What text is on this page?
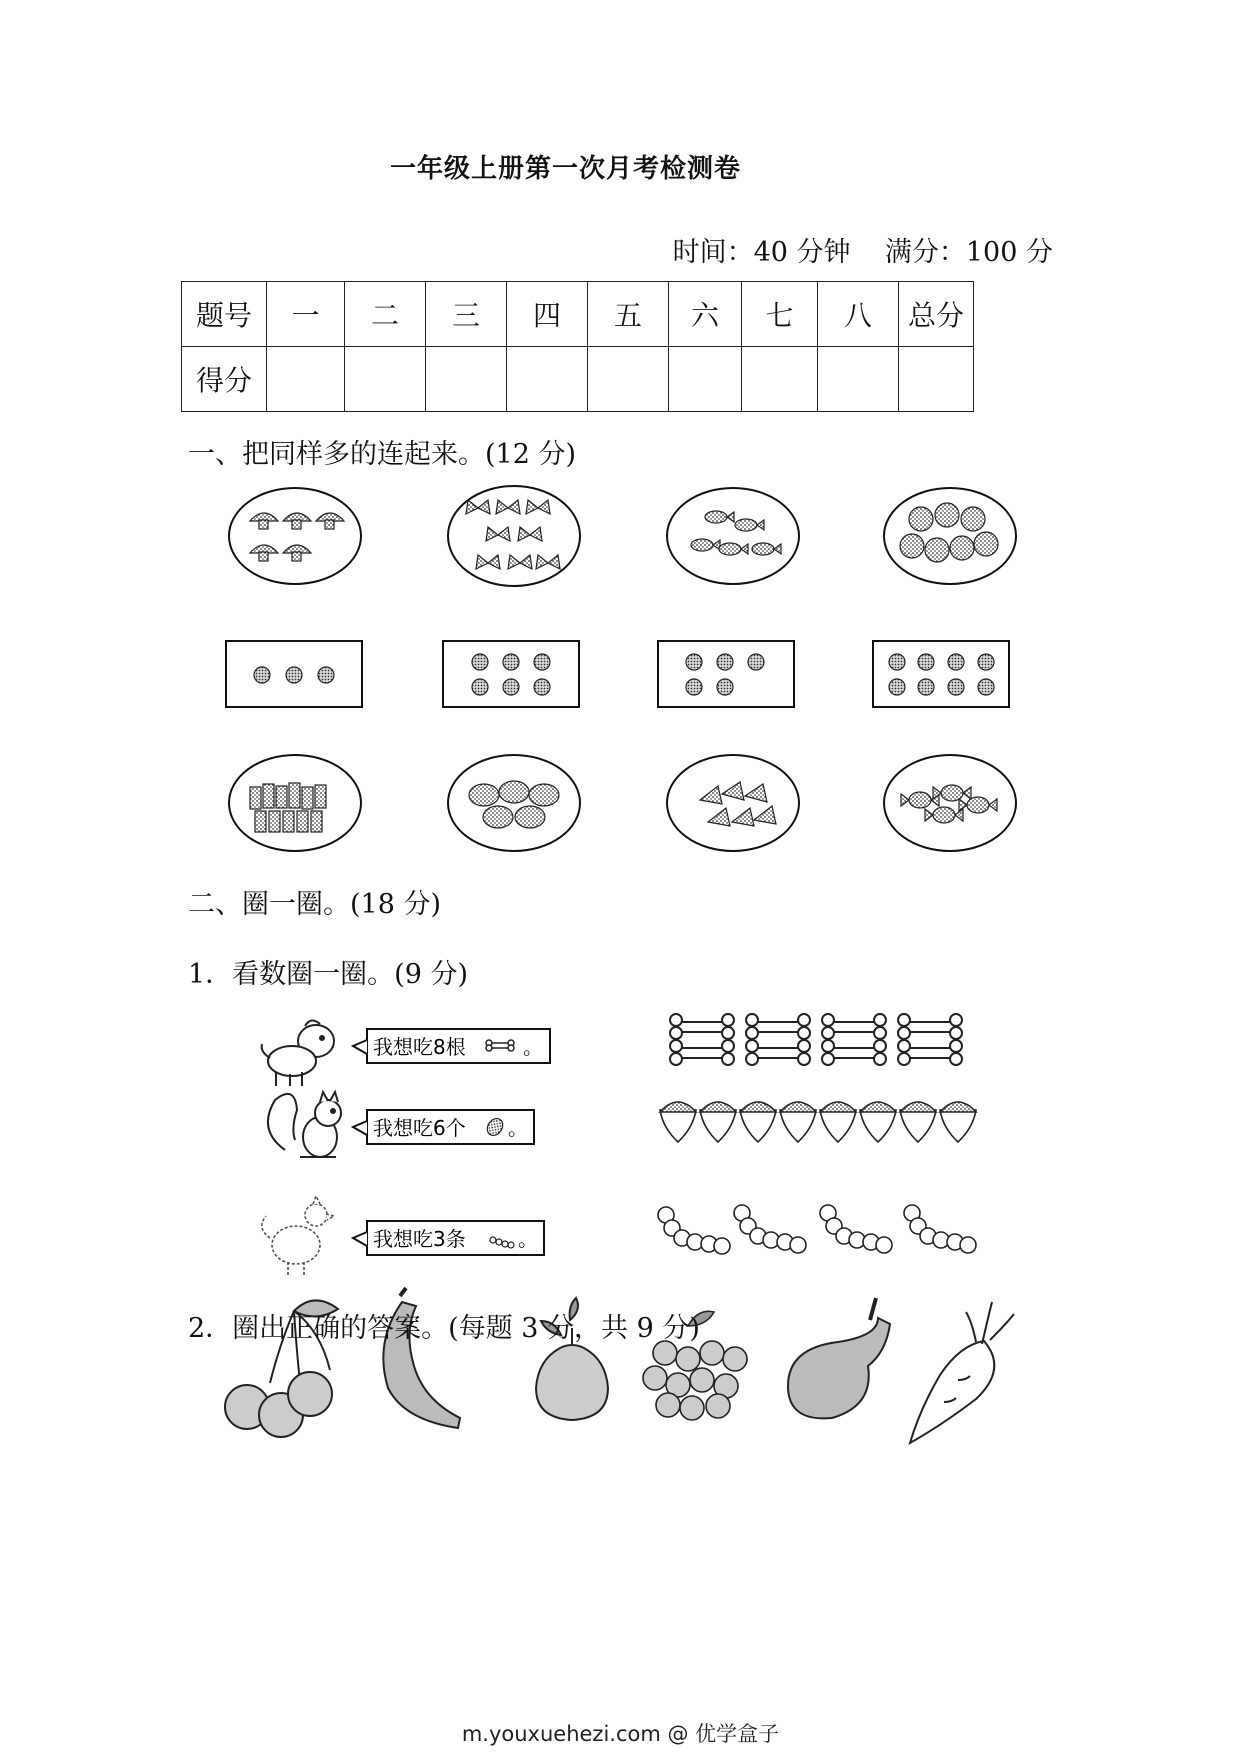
一年级上册第一次月考检测卷
时间：40 分钟    满分：100 分
题号	一	二	三	四	五	六	七	八	总分
得分									
一、把同样多的连起来。(12 分)
我想吃8根	。
我想吃6个 。
我想吃3条	。
二、圈一圈。(18 分)
1．看数圈一圈。(9 分)
2．圈出正确的答案。(每题 3 分，共 9 分)
m.youxuehezi.com @ 优学盒子
